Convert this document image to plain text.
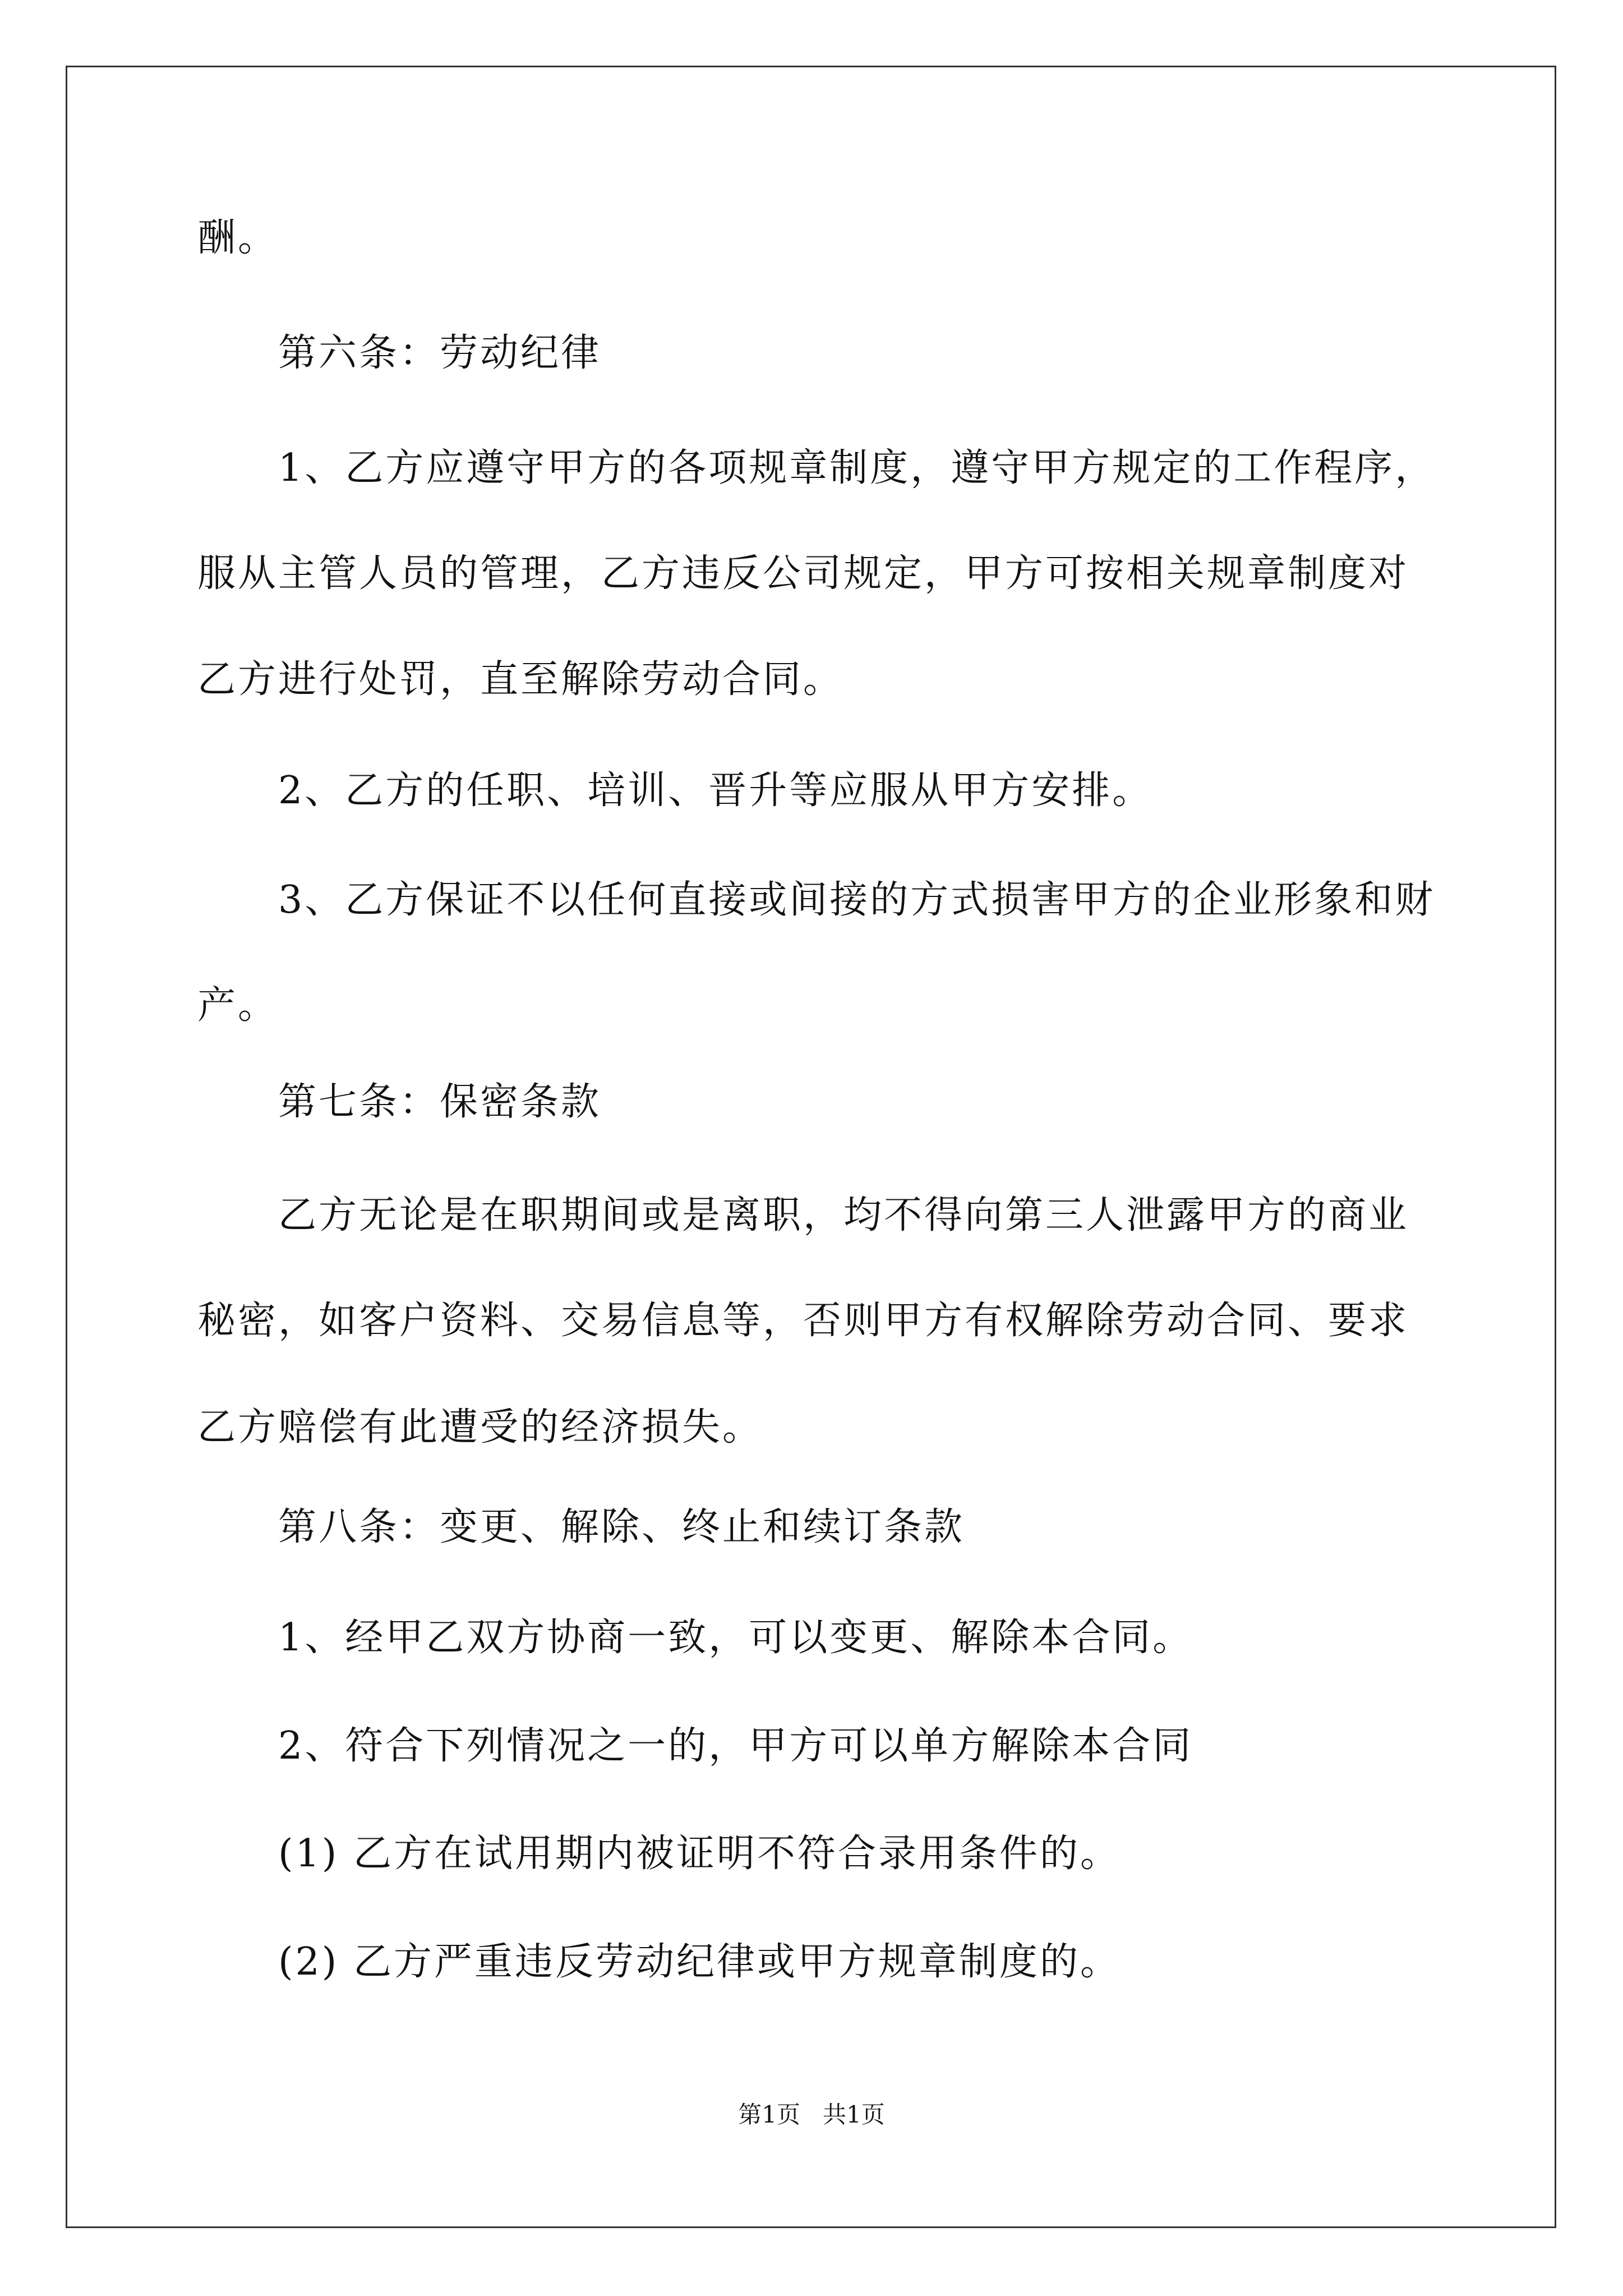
酬。
第六条：劳动纪律
1、乙方应遵守甲方的各项规章制度，遵守甲方规定的工作程序，
服从主管人员的管理，乙方违反公司规定，甲方可按相关规章制度对
乙方进行处罚，直至解除劳动合同。
2、乙方的任职、培训、晋升等应服从甲方安排。
3、乙方保证不以任何直接或间接的方式损害甲方的企业形象和财
产。
第七条：保密条款
乙方无论是在职期间或是离职，均不得向第三人泄露甲方的商业
秘密，如客户资料、交易信息等，否则甲方有权解除劳动合同、要求
乙方赔偿有此遭受的经济损失。
第八条：变更、解除、终止和续订条款
1、经甲乙双方协商一致，可以变更、解除本合同。
2、符合下列情况之一的，甲方可以单方解除本合同
(1) 乙方在试用期内被证明不符合录用条件的。
(2) 乙方严重违反劳动纪律或甲方规章制度的。
第1页   共1页
